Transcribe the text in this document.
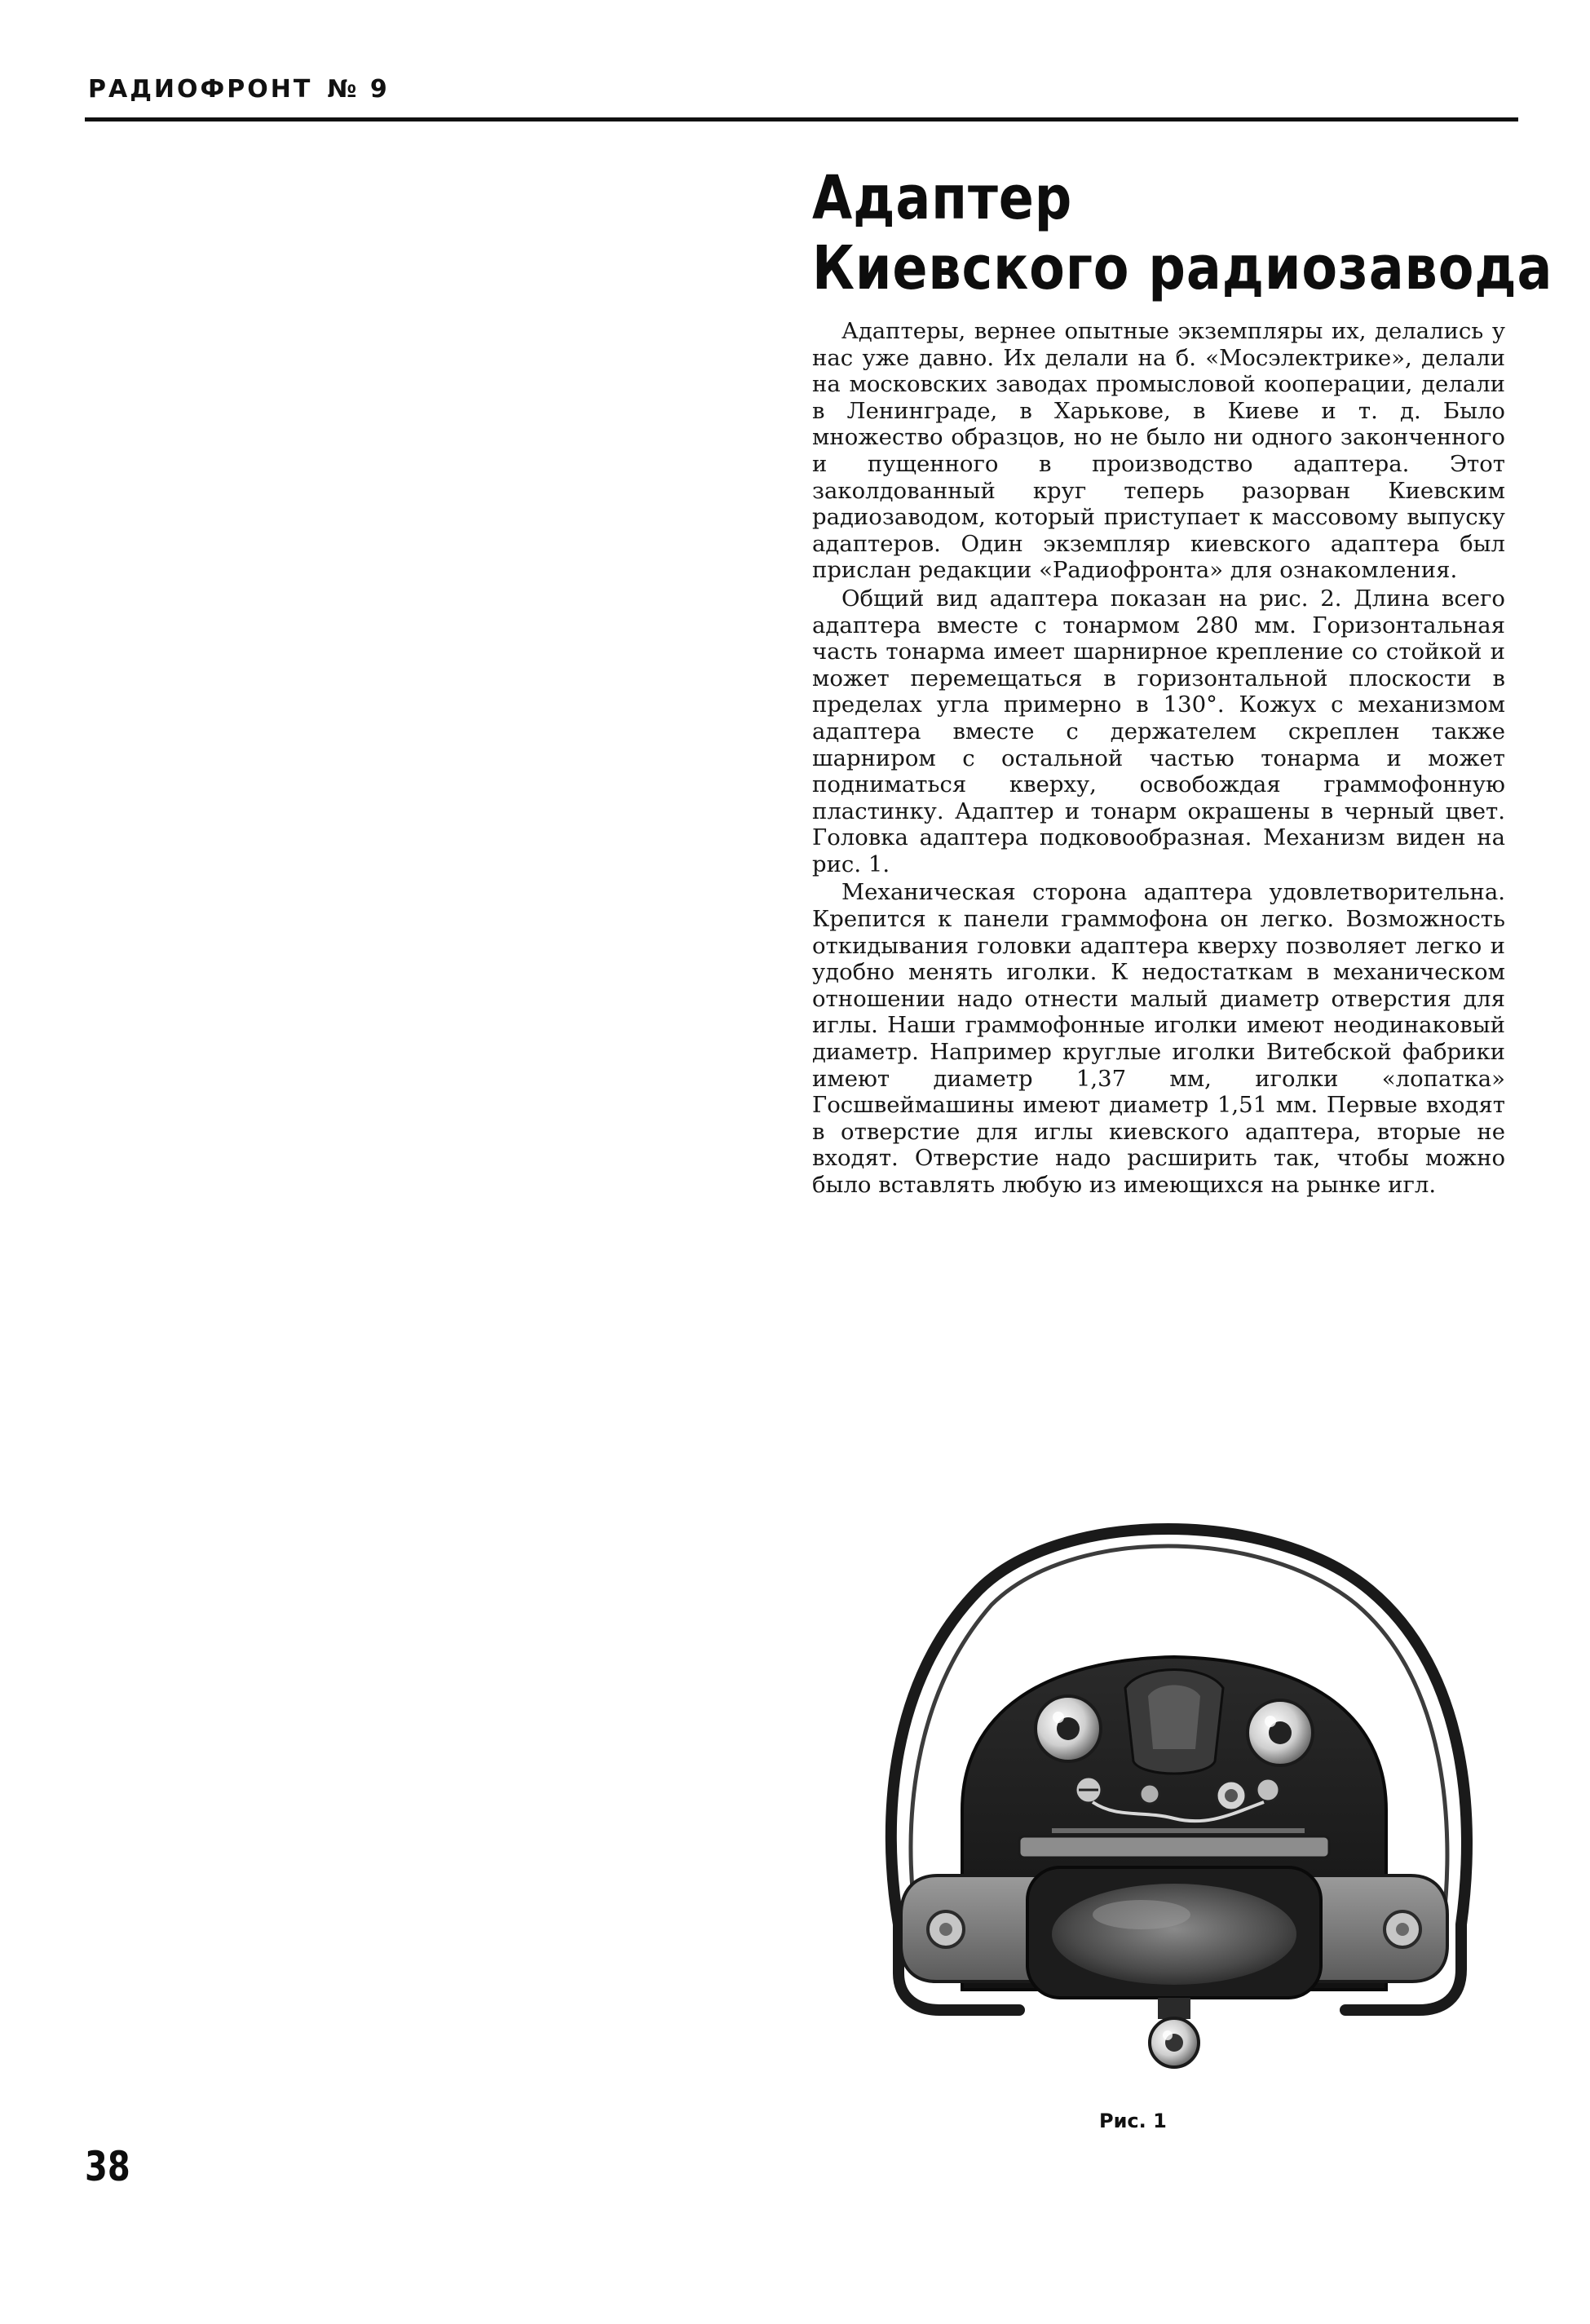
РАДИОФРОНТ № 9
Адаптер
Киевского радиозавода

Адаптеры, вернее опытные экземпляры их, делались у нас уже давно. Их делали на б. «Мосэлектрике», делали на московских заводах промысловой кооперации, делали в Ленинграде, в Харькове, в Киеве и т. д. Было множество образцов, но не было ни одного законченного и пущенного в производство адаптера. Этот заколдованный круг теперь разорван Киевским радиозаводом, который приступает к массовому выпуску адаптеров. Один экземпляр киевского адаптера был прислан редакции «Радиофронта» для ознакомления.

Общий вид адаптера показан на рис. 2. Длина всего адаптера вместе с тонармом 280 мм. Горизонтальная часть тонарма имеет шарнирное крепление со стойкой и может перемещаться в горизонтальной плоскости в пределах угла примерно в 130°. Кожух с механизмом адаптера вместе с держателем скреплен также шарниром с остальной частью тонарма и может подниматься кверху, освобождая граммофонную пластинку. Адаптер и тонарм окрашены в черный цвет. Головка адаптера подковообразная. Механизм виден на рис. 1.

Механическая сторона адаптера удовлетворительна. Крепится к панели граммофона он легко. Возможность откидывания головки адаптера кверху позволяет легко и удобно менять иголки. К недостаткам в механическом отношении надо отнести малый диаметр отверстия для иглы. Наши граммофонные иголки имеют неодинаковый диаметр. Например круглые иголки Витебской фабрики имеют диаметр 1,37 мм, иголки «лопатка» Госшвеймашины имеют диаметр 1,51 мм. Первые входят в отверстие для иглы киевского адаптера, вторые не входят. Отверстие надо расширить так, чтобы можно было вставлять любую из имеющихся на рынке игл.

Рис. 1
38
